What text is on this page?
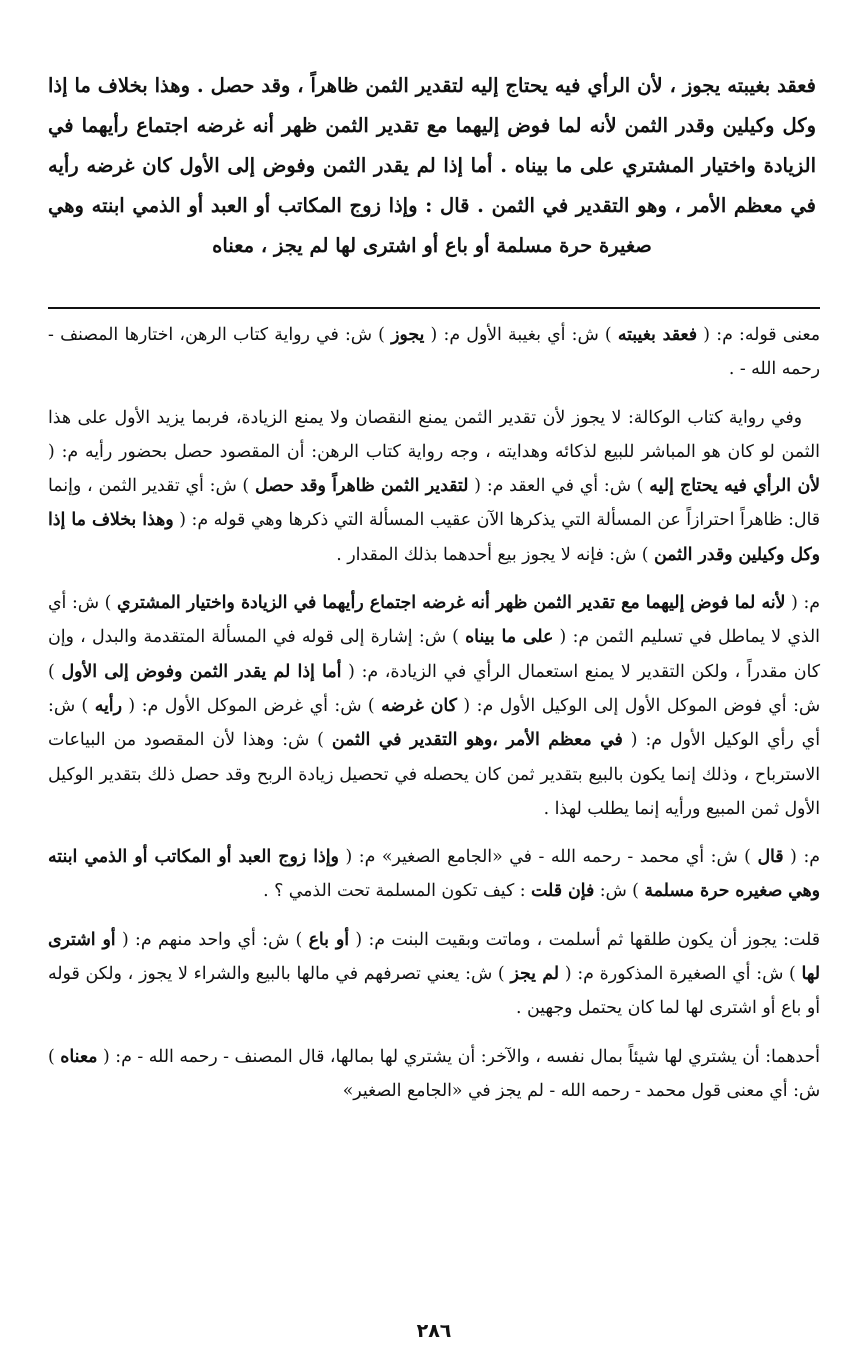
فعقد بغيبته يجوز ، لأن الرأي فيه يحتاج إليه لتقدير الثمن ظاهراً ، وقد حصل . وهذا بخلاف ما إذا وكل وكيلين وقدر الثمن لأنه لما فوض إليهما مع تقدير الثمن ظهر أنه غرضه اجتماع رأيهما في الزيادة واختيار المشتري على ما بيناه . أما إذا لم يقدر الثمن وفوض إلى الأول كان غرضه رأيه في معظم الأمر ، وهو التقدير في الثمن . قال : وإذا زوج المكاتب أو العبد أو الذمي ابنته وهي صغيرة حرة مسلمة أو باع أو اشترى لها لم يجز ، معناه

معنى قوله: م: ( فعقد بغيبته ) ش: أي بغيبة الأول م: ( يجوز ) ش: في رواية كتاب الرهن، اختارها المصنف - رحمه الله - .

وفي رواية كتاب الوكالة: لا يجوز لأن تقدير الثمن يمنع النقصان ولا يمنع الزيادة، فربما يزيد الأول على هذا الثمن لو كان هو المباشر للبيع لذكائه وهدايته ، وجه رواية كتاب الرهن: أن المقصود حصل بحضور رأيه م: ( لأن الرأي فيه يحتاج إليه ) ش: أي في العقد م: ( لتقدير الثمن ظاهراً وقد حصل ) ش: أي تقدير الثمن ، وإنما قال: ظاهراً احترازاً عن المسألة التي يذكرها الآن عقيب المسألة التي ذكرها وهي قوله م: ( وهذا بخلاف ما إذا وكل وكيلين وقدر الثمن ) ش: فإنه لا يجوز بيع أحدهما بذلك المقدار .

م: ( لأنه لما فوض إليهما مع تقدير الثمن ظهر أنه غرضه اجتماع رأيهما في الزيادة واختيار المشتري ) ش: أي الذي لا يماطل في تسليم الثمن م: ( على ما بيناه ) ش: إشارة إلى قوله في المسألة المتقدمة والبدل ، وإن كان مقدراً ، ولكن التقدير لا يمنع استعمال الرأي في الزيادة، م: ( أما إذا لم يقدر الثمن وفوض إلى الأول ) ش: أي فوض الموكل الأول إلى الوكيل الأول م: ( كان غرضه ) ش: أي غرض الموكل الأول م: ( رأيه ) ش: أي رأي الوكيل الأول م: ( في معظم الأمر ،وهو التقدير في الثمن ) ش: وهذا لأن المقصود من البياعات الاسترباح ، وذلك إنما يكون بالبيع بتقدير ثمن كان يحصله في تحصيل زيادة الربح وقد حصل ذلك بتقدير الوكيل الأول ثمن المبيع ورأيه إنما يطلب لهذا .

م: ( قال ) ش: أي محمد - رحمه الله - في «الجامع الصغير» م: ( وإذا زوج العبد أو المكاتب أو الذمي ابنته وهي صغيره حرة مسلمة ) ش: فإن قلت : كيف تكون المسلمة تحت الذمي ؟ .

قلت: يجوز أن يكون طلقها ثم أسلمت ، وماتت وبقيت البنت م: ( أو باع ) ش: أي واحد منهم م: ( أو اشترى لها ) ش: أي الصغيرة المذكورة م: ( لم يجز ) ش: يعني تصرفهم في مالها بالبيع والشراء لا يجوز ، ولكن قوله أو باع أو اشترى لها لما كان يحتمل وجهين .

أحدهما: أن يشتري لها شيئاً بمال نفسه ، والآخر: أن يشتري لها بمالها، قال المصنف - رحمه الله - م: ( معناه ) ش: أي معنى قول محمد - رحمه الله - لم يجز في «الجامع الصغير»

٢٨٦
